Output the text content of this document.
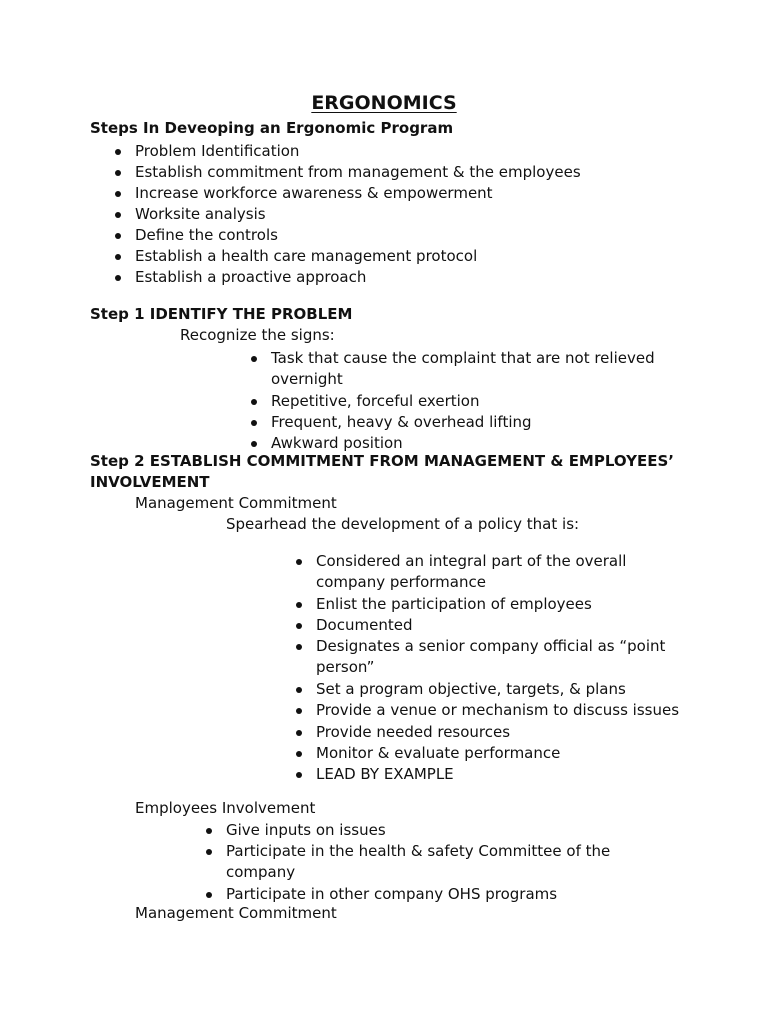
ERGONOMICS
Steps In Deveoping an Ergonomic Program
Problem Identification
Establish commitment from management & the employees
Increase workforce awareness & empowerment
Worksite analysis
Define the controls
Establish a health care management protocol
Establish a proactive approach
Step 1 IDENTIFY THE PROBLEM
Recognize the signs:
Task that cause the complaint that are not relieved overnight
Repetitive, forceful exertion
Frequent, heavy & overhead lifting
Awkward position
Step 2 ESTABLISH COMMITMENT FROM MANAGEMENT & EMPLOYEES’ INVOLVEMENT
Management Commitment
Spearhead the development of a policy that is:
Considered an integral part of the overall company performance
Enlist the participation of employees
Documented
Designates a senior company official as “point person”
Set a program objective, targets, & plans
Provide a venue or mechanism to discuss issues
Provide needed resources
Monitor & evaluate performance
LEAD BY EXAMPLE
Employees Involvement
Give inputs on issues
Participate in the health & safety Committee of the company
Participate in other company OHS programs
Management Commitment
